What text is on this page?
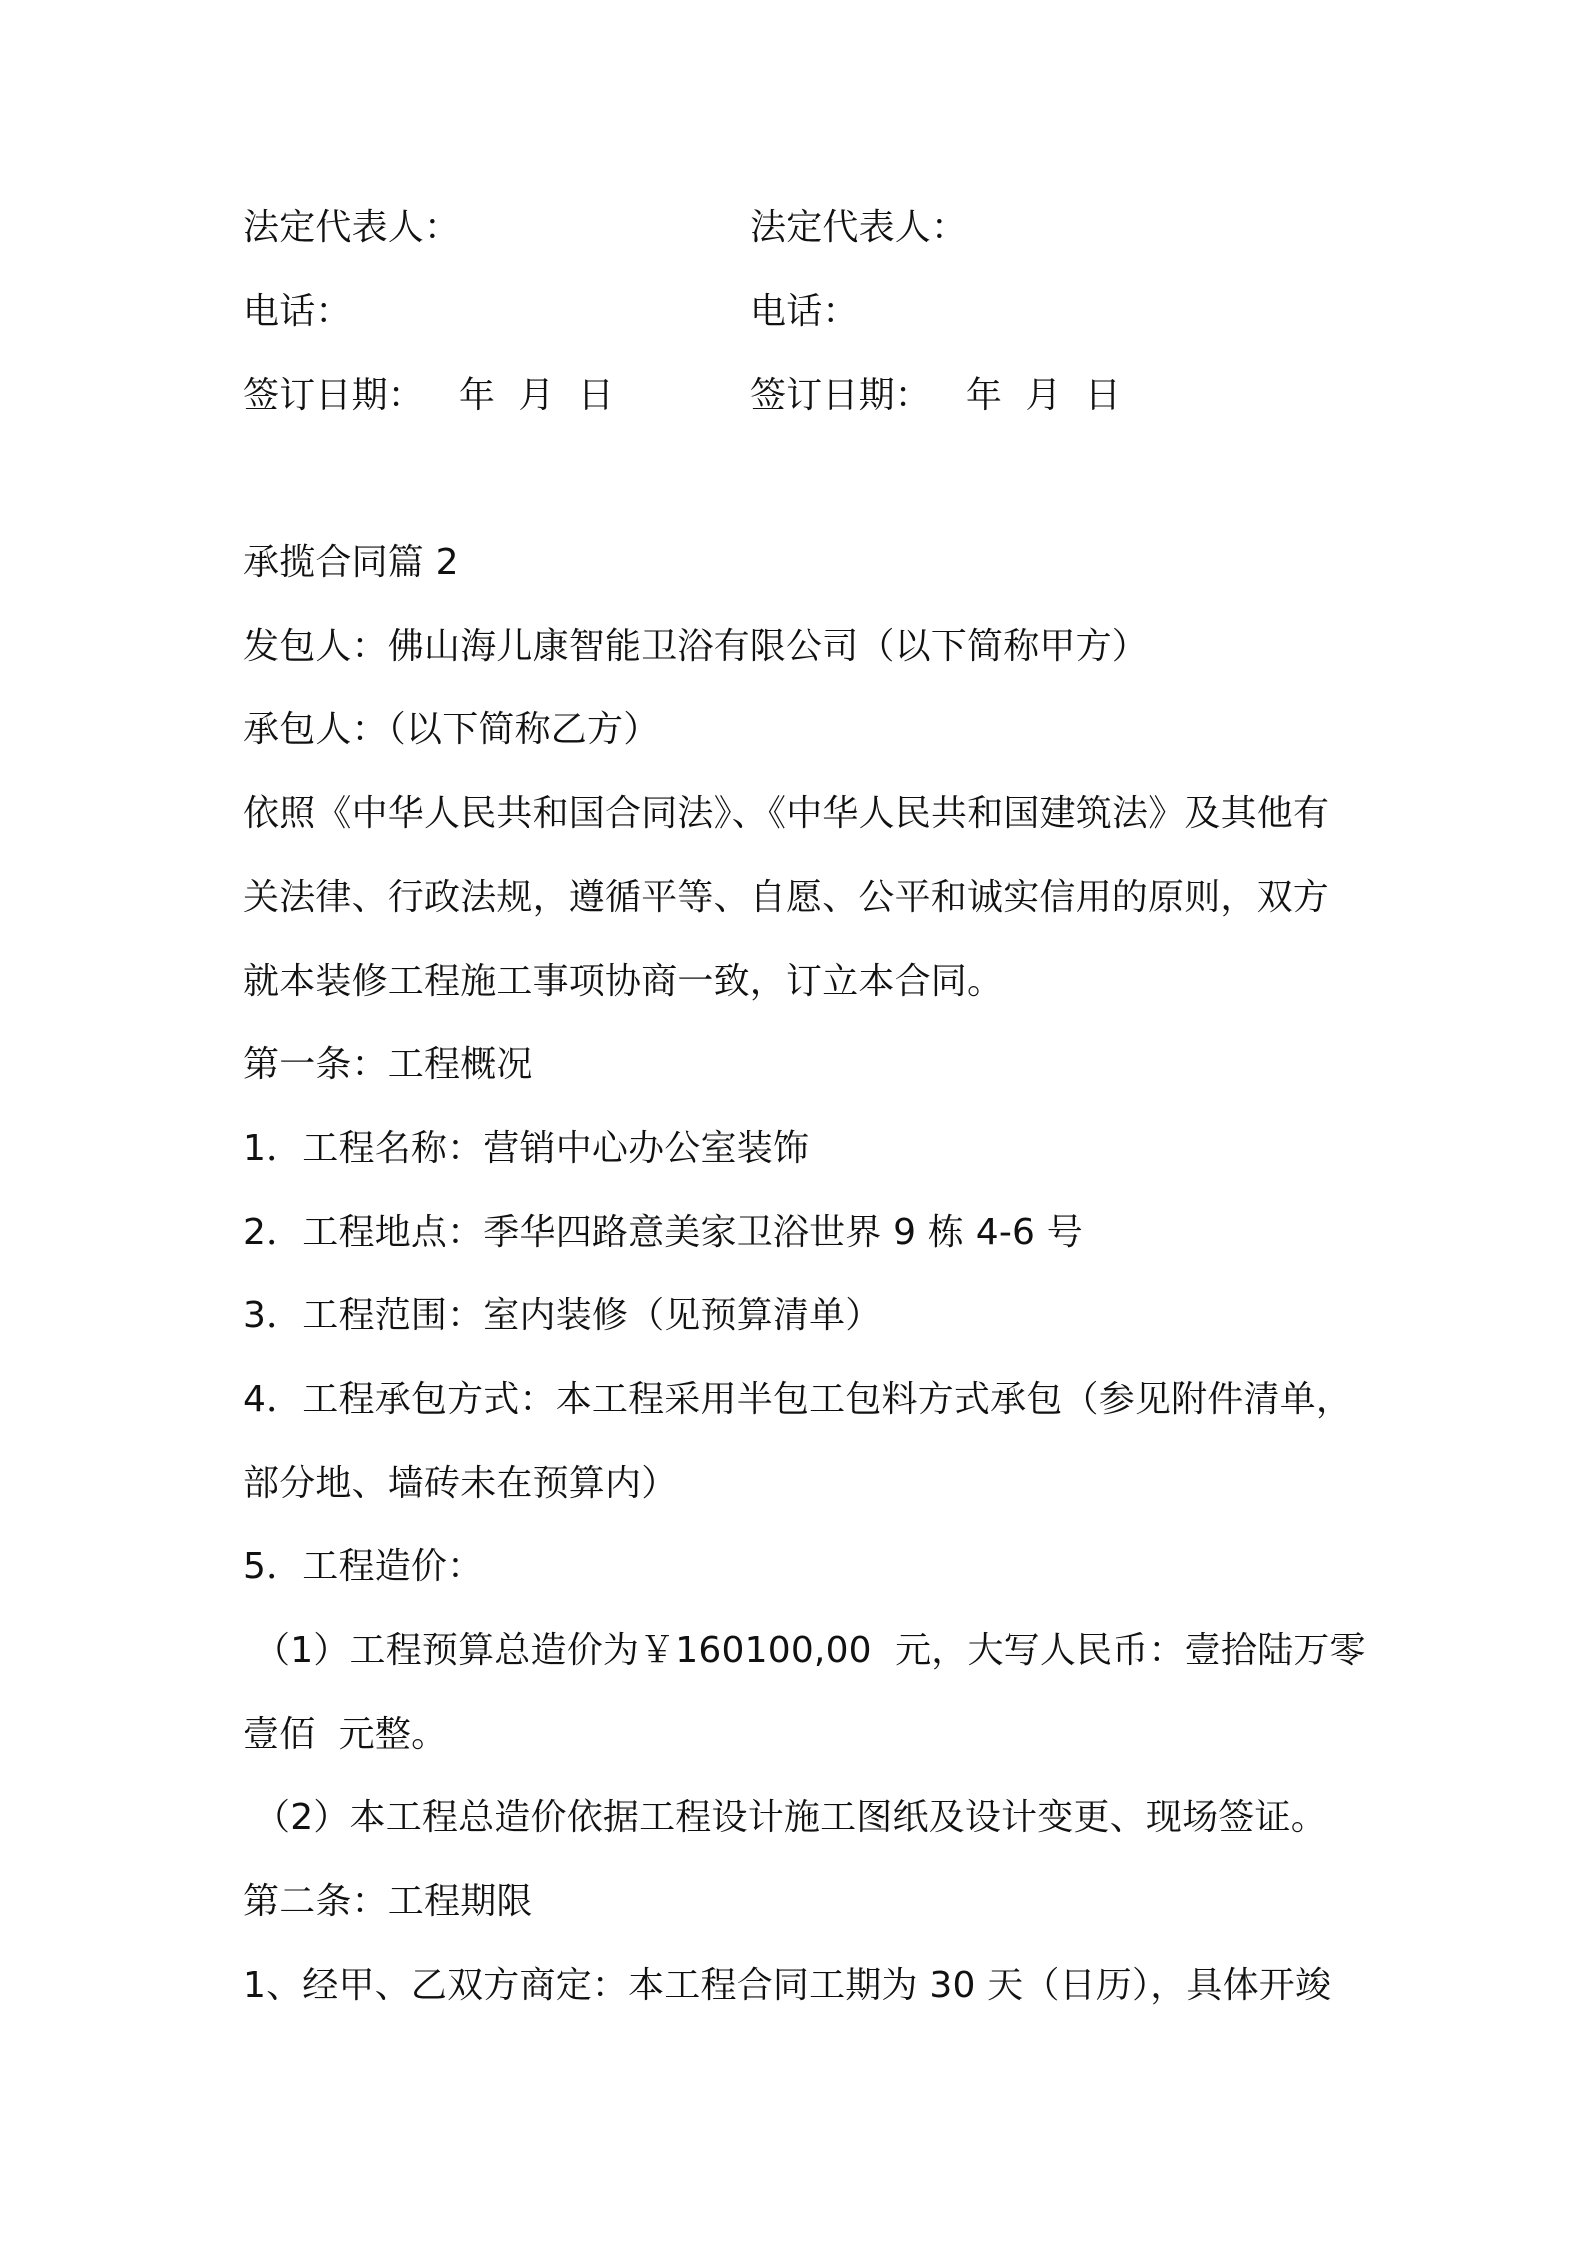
法定代表人：	法定代表人：
电话：	电话：
签订日期：   年  月  日	签订日期：   年  月  日
承揽合同篇 2
发包人：佛山海儿康智能卫浴有限公司（以下简称甲方）
承包人：（以下简称乙方）
依照《中华人民共和国合同法》、《中华人民共和国建筑法》及其他有
关法律、行政法规，遵循平等、自愿、公平和诚实信用的原则，双方
就本装修工程施工事项协商一致，订立本合同。
第一条：工程概况
1．工程名称：营销中心办公室装饰
2．工程地点：季华四路意美家卫浴世界 9 栋 4-6 号
3．工程范围：室内装修（见预算清单）
4．工程承包方式：本工程采用半包工包料方式承包（参见附件清单，
部分地、墙砖未在预算内）
5．工程造价：
（1）工程预算总造价为￥160100,00  元，大写人民币：壹拾陆万零
壹佰  元整。
（2）本工程总造价依据工程设计施工图纸及设计变更、现场签证。
第二条：工程期限
1、经甲、乙双方商定：本工程合同工期为 30 天（日历），具体开竣
